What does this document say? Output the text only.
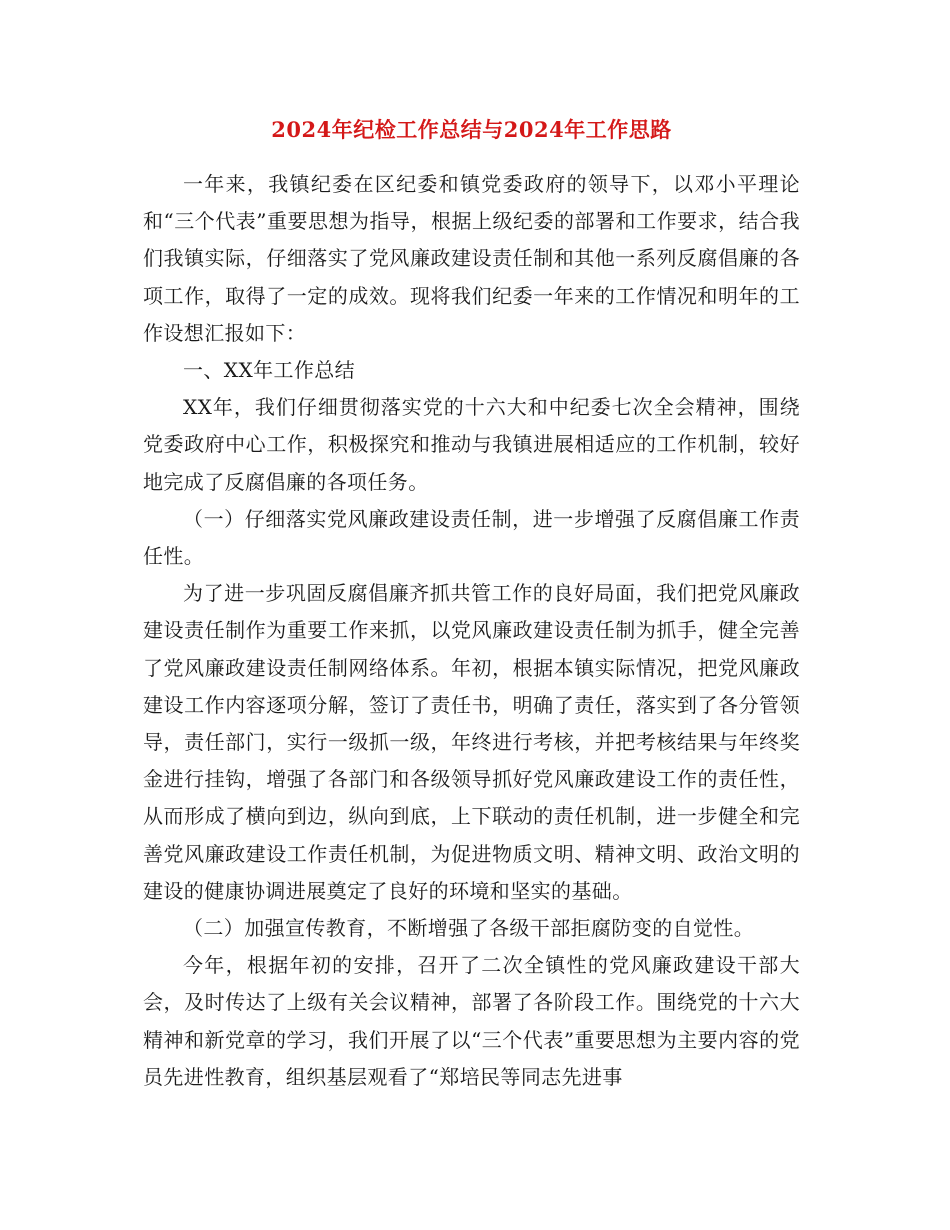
2024年纪检工作总结与2024年工作思路

一年来，我镇纪委在区纪委和镇党委政府的领导下，以邓小平理论和“三个代表”重要思想为指导，根据上级纪委的部署和工作要求，结合我们我镇实际，仔细落实了党风廉政建设责任制和其他一系列反腐倡廉的各项工作，取得了一定的成效。现将我们纪委一年来的工作情况和明年的工作设想汇报如下：

一、XX年工作总结

XX年，我们仔细贯彻落实党的十六大和中纪委七次全会精神，围绕党委政府中心工作，积极探究和推动与我镇进展相适应的工作机制，较好地完成了反腐倡廉的各项任务。

（一）仔细落实党风廉政建设责任制，进一步增强了反腐倡廉工作责任性。

为了进一步巩固反腐倡廉齐抓共管工作的良好局面，我们把党风廉政建设责任制作为重要工作来抓，以党风廉政建设责任制为抓手，健全完善了党风廉政建设责任制网络体系。年初，根据本镇实际情况，把党风廉政建设工作内容逐项分解，签订了责任书，明确了责任，落实到了各分管领导，责任部门，实行一级抓一级，年终进行考核，并把考核结果与年终奖金进行挂钩，增强了各部门和各级领导抓好党风廉政建设工作的责任性，从而形成了横向到边，纵向到底，上下联动的责任机制，进一步健全和完善党风廉政建设工作责任机制，为促进物质文明、精神文明、政治文明的建设的健康协调进展奠定了良好的环境和坚实的基础。

（二）加强宣传教育，不断增强了各级干部拒腐防变的自觉性。

今年，根据年初的安排，召开了二次全镇性的党风廉政建设干部大会，及时传达了上级有关会议精神，部署了各阶段工作。围绕党的十六大精神和新党章的学习，我们开展了以“三个代表”重要思想为主要内容的党员先进性教育，组织基层观看了“郑培民等同志先进事
